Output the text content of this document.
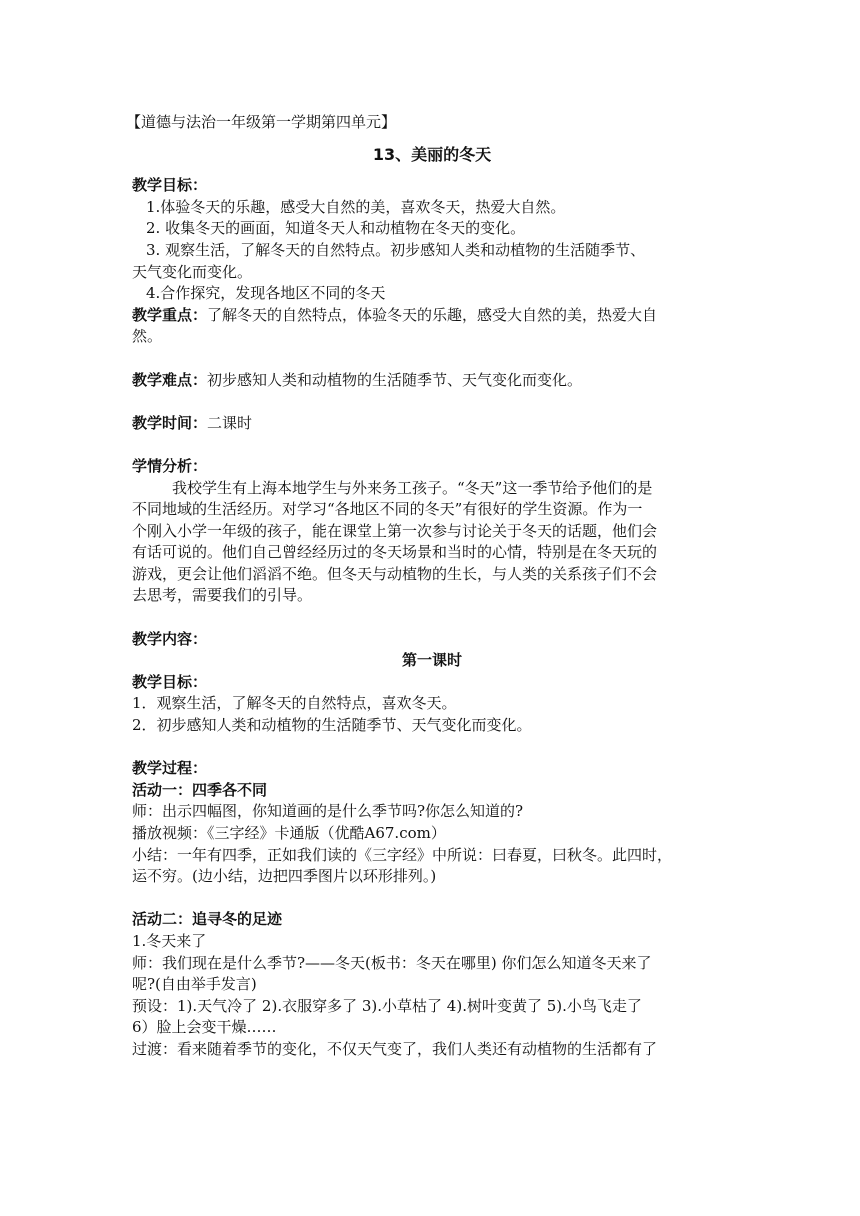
【道德与法治一年级第一学期第四单元】

13、美丽的冬天

教学目标：

1.体验冬天的乐趣，感受大自然的美，喜欢冬天，热爱大自然。

2. 收集冬天的画面，知道冬天人和动植物在冬天的变化。

3. 观察生活，了解冬天的自然特点。初步感知人类和动植物的生活随季节、

天气变化而变化。

4.合作探究，发现各地区不同的冬天

教学重点：了解冬天的自然特点，体验冬天的乐趣，感受大自然的美，热爱大自

然。

教学难点：初步感知人类和动植物的生活随季节、天气变化而变化。

教学时间：二课时

学情分析：

我校学生有上海本地学生与外来务工孩子。“冬天”这一季节给予他们的是

不同地域的生活经历。对学习“各地区不同的冬天”有很好的学生资源。作为一

个刚入小学一年级的孩子，能在课堂上第一次参与讨论关于冬天的话题，他们会

有话可说的。他们自己曾经经历过的冬天场景和当时的心情，特别是在冬天玩的

游戏，更会让他们滔滔不绝。但冬天与动植物的生长，与人类的关系孩子们不会

去思考，需要我们的引导。

教学内容：

第一课时

教学目标：

1．观察生活，了解冬天的自然特点，喜欢冬天。

2．初步感知人类和动植物的生活随季节、天气变化而变化。

教学过程：

活动一：四季各不同

师：出示四幅图，你知道画的是什么季节吗?你怎么知道的?

播放视频：《三字经》卡通版（优酷A67.com）

小结：一年有四季，正如我们读的《三字经》中所说：曰春夏，曰秋冬。此四时，

运不穷。(边小结，边把四季图片以环形排列。)

活动二：追寻冬的足迹

1.冬天来了

师：我们现在是什么季节?——冬天(板书：冬天在哪里) 你们怎么知道冬天来了

呢?(自由举手发言)

预设：1).天气冷了 2).衣服穿多了 3).小草枯了 4).树叶变黄了 5).小鸟飞走了

6）脸上会变干燥……

过渡：看来随着季节的变化，不仅天气变了，我们人类还有动植物的生活都有了
